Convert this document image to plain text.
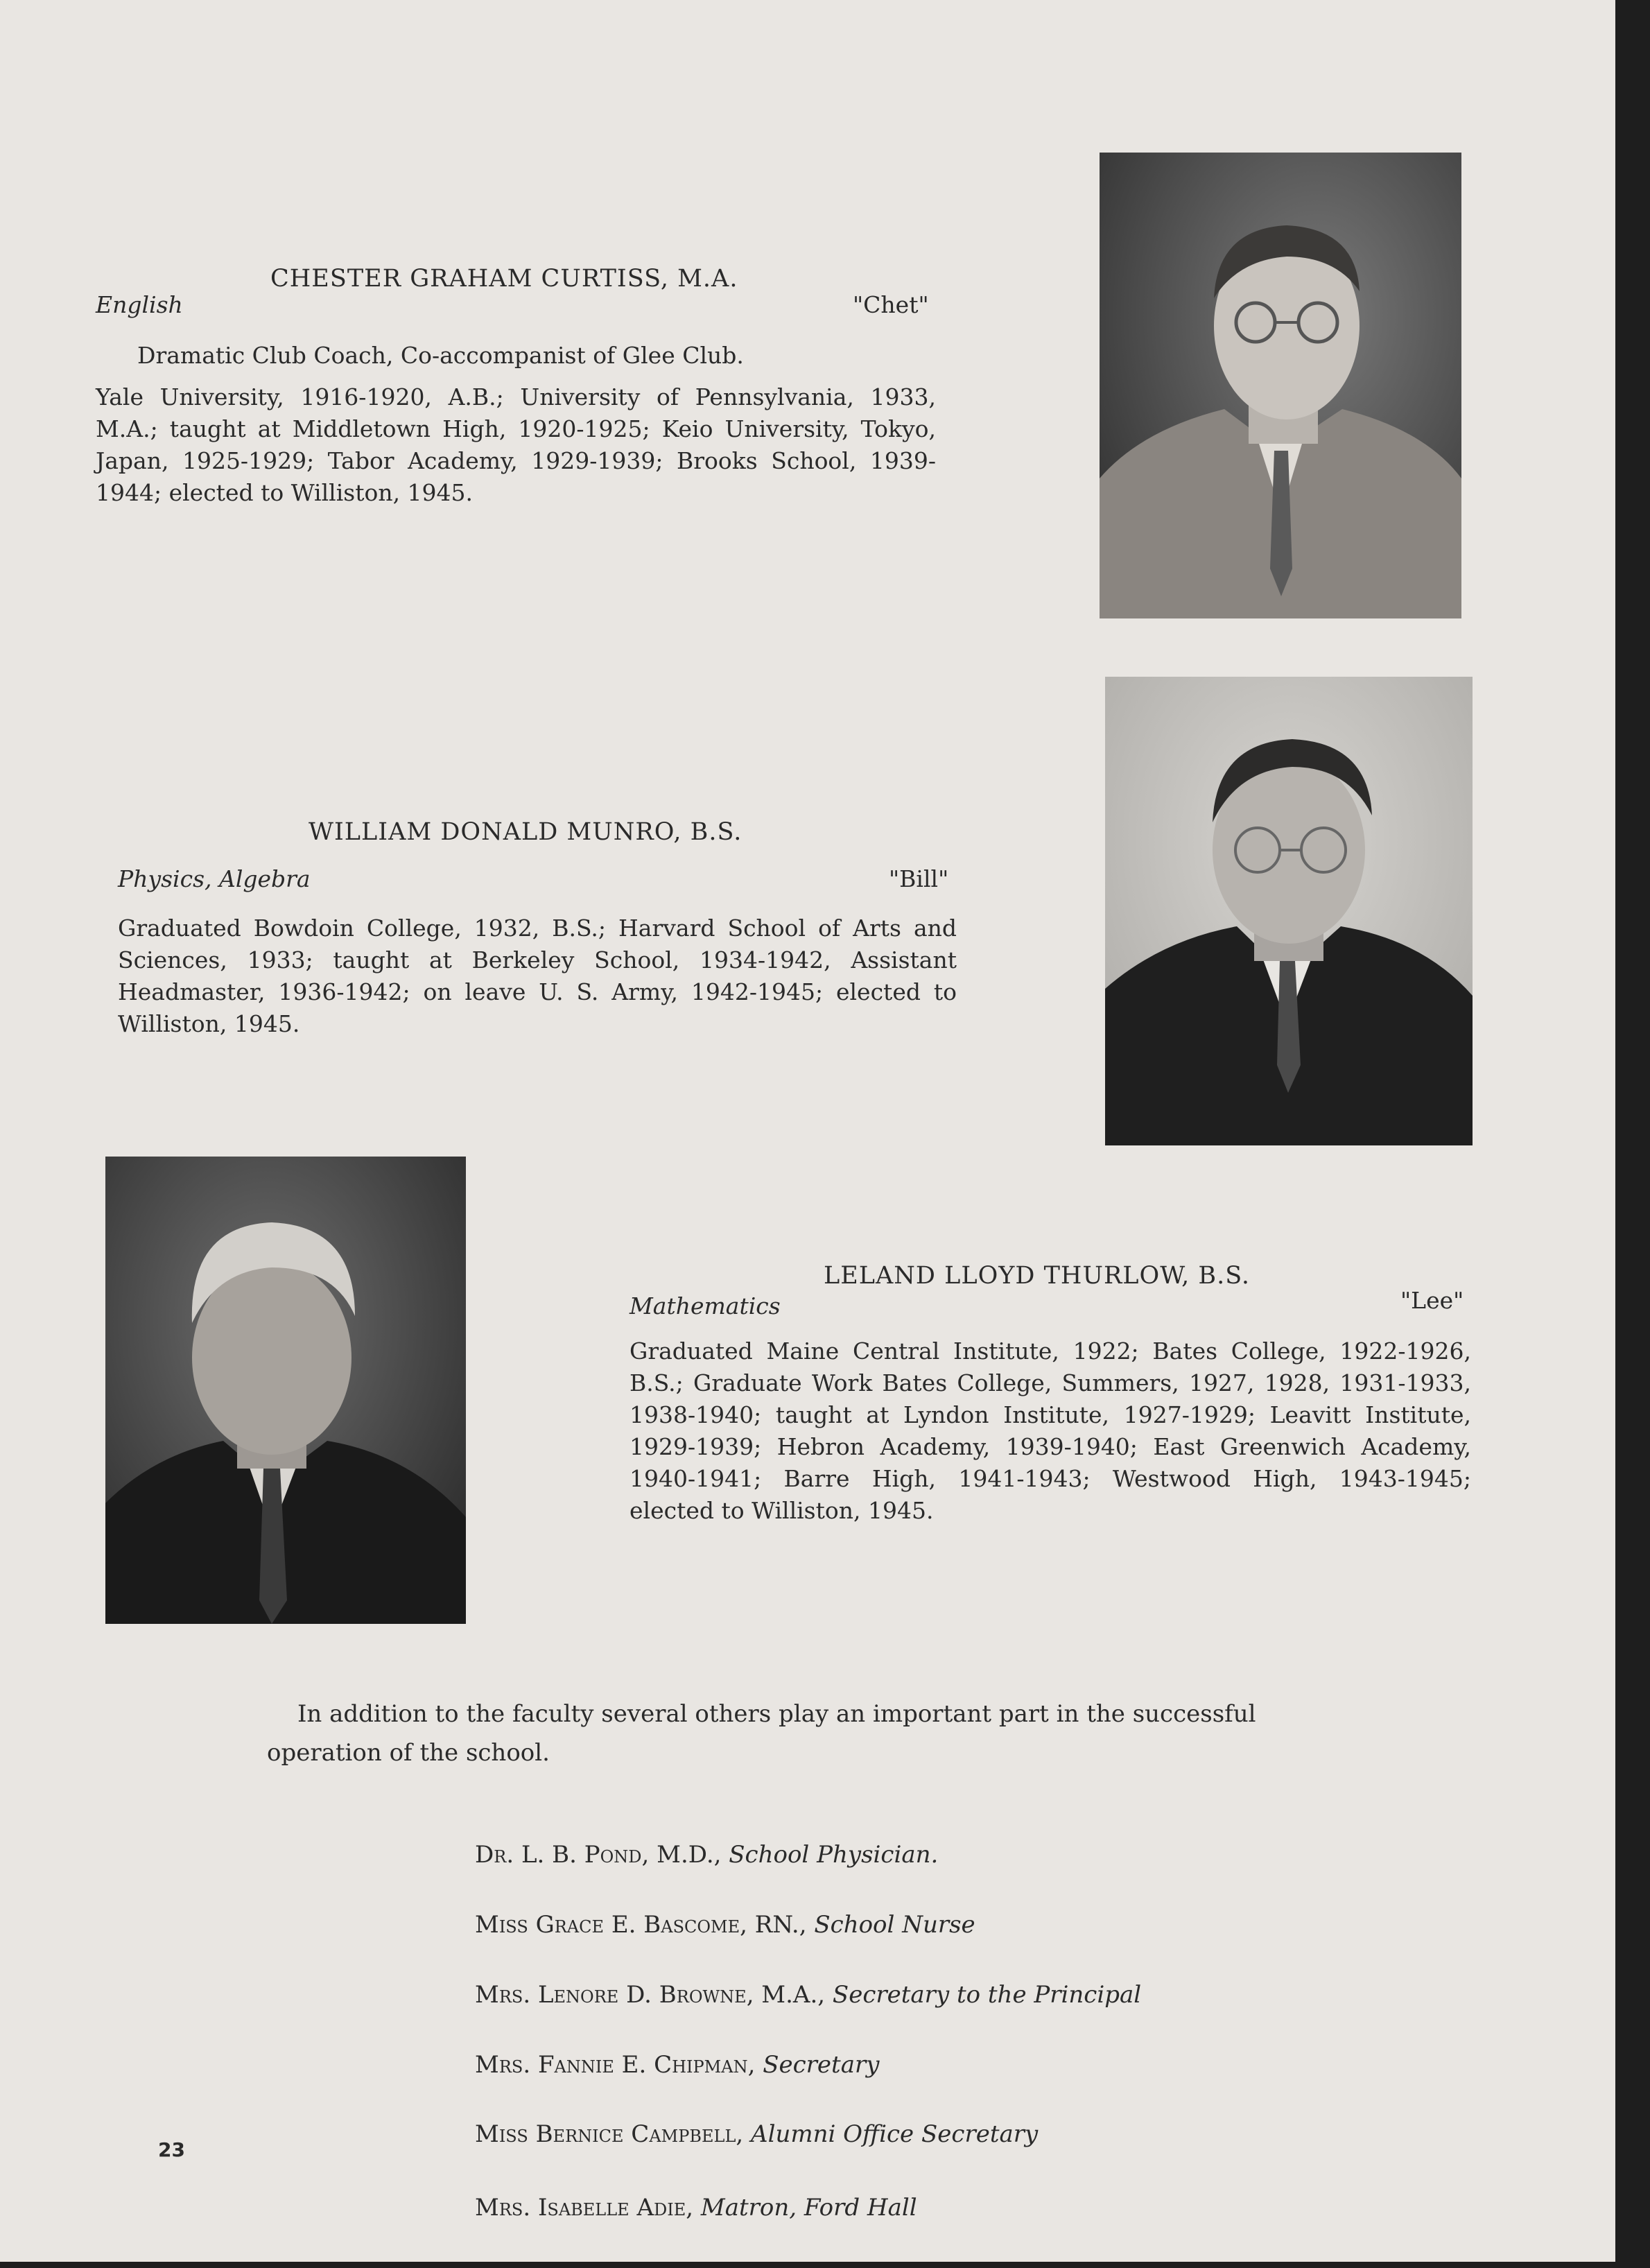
CHESTER GRAHAM CURTISS, M.A.
English	"Chet"
Dramatic Club Coach, Co-accompanist of Glee Club.
Yale University, 1916-1920, A.B.; University of Pennsylvania, 1933, M.A.; taught at Middletown High, 1920-1925; Keio University, Tokyo, Japan, 1925-1929; Tabor Academy, 1929-1939; Brooks School, 1939-1944; elected to Williston, 1945.
WILLIAM DONALD MUNRO, B.S.
Physics, Algebra	"Bill"
Graduated Bowdoin College, 1932, B.S.; Harvard School of Arts and Sciences, 1933; taught at Berkeley School, 1934-1942, Assistant Headmaster, 1936-1942; on leave U. S. Army, 1942-1945; elected to Williston, 1945.
LELAND LLOYD THURLOW, B.S.
Mathematics	"Lee"
Graduated Maine Central Institute, 1922; Bates College, 1922-1926, B.S.; Graduate Work Bates College, Summers, 1927, 1928, 1931-1933, 1938-1940; taught at Lyndon Institute, 1927-1929; Leavitt Institute, 1929-1939; Hebron Academy, 1939-1940; East Greenwich Academy, 1940-1941; Barre High, 1941-1943; Westwood High, 1943-1945; elected to Williston, 1945.
In addition to the faculty several others play an important part in the successful operation of the school.
Dr. L. B. Pond, M.D., School Physician.
Miss Grace E. Bascome, RN., School Nurse
Mrs. Lenore D. Browne, M.A., Secretary to the Principal
Mrs. Fannie E. Chipman, Secretary
Miss Bernice Campbell, Alumni Office Secretary
Mrs. Isabelle Adie, Matron, Ford Hall
23
